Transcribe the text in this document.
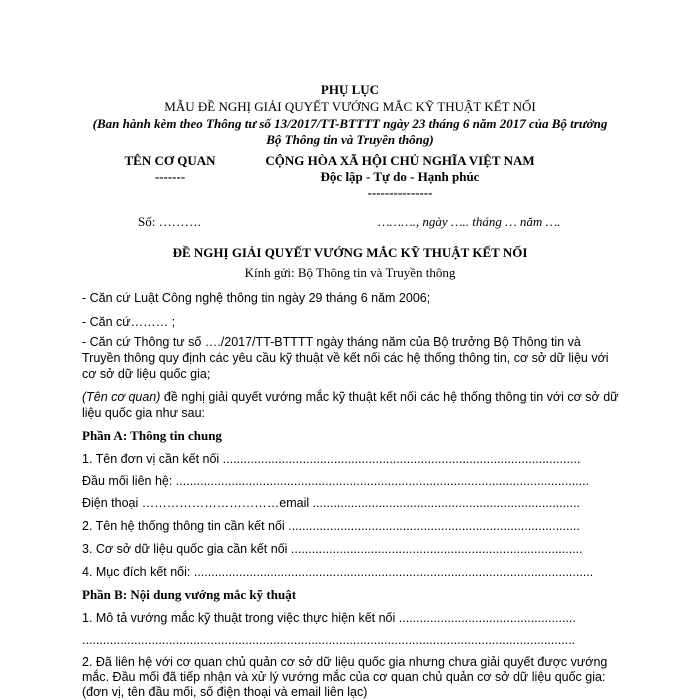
PHỤ LỤC
MẪU ĐỀ NGHỊ GIẢI QUYẾT VƯỚNG MẮC KỸ THUẬT KẾT NỐI
(Ban hành kèm theo Thông tư số 13/2017/TT-BTTTT ngày 23 tháng 6 năm 2017 của Bộ trưởng
Bộ Thông tin và Truyền thông)
TÊN CƠ QUAN
-------
CỘNG HÒA XÃ HỘI CHỦ NGHĨA VIỆT NAM
Độc lập - Tự do - Hạnh phúc
---------------
Số: ……….	………., ngày ….. tháng … năm ….
ĐỀ NGHỊ GIẢI QUYẾT VƯỚNG MẮC KỸ THUẬT KẾT NỐI
Kính gửi: Bộ Thông tin và Truyền thông
- Căn cứ Luật Công nghệ thông tin ngày 29 tháng 6 năm 2006;
- Căn cứ……… ;
- Căn cứ Thông tư số …./2017/TT-BTTTT ngày tháng năm của Bộ trưởng Bộ Thông tin và
Truyền thông quy định các yêu cầu kỹ thuật về kết nối các hệ thống thông tin, cơ sở dữ liệu với
cơ sở dữ liệu quốc gia;
(Tên cơ quan) đề nghị giải quyết vướng mắc kỹ thuật kết nối các hệ thống thông tin với cơ sở dữ
liệu quốc gia như sau:
Phần A: Thông tin chung
1. Tên đơn vị cần kết nối .......................................................................................................
Đầu mối liên hệ: .......................................................................................................................
Điện thoại ……………………………email .............................................................................
2. Tên hệ thống thông tin cần kết nối ....................................................................................
3. Cơ sở dữ liệu quốc gia cần kết nối ....................................................................................
4. Mục đích kết nối: ...................................................................................................................
Phần B: Nội dung vướng mắc kỹ thuật
1. Mô tả vướng mắc kỹ thuật trong việc thực hiện kết nối ...................................................
..............................................................................................................................................
2. Đã liên hệ với cơ quan chủ quản cơ sở dữ liệu quốc gia nhưng chưa giải quyết được vướng
mắc. Đầu mối đã tiếp nhận và xử lý vướng mắc của cơ quan chủ quản cơ sở dữ liệu quốc gia:
(đơn vị, tên đầu mối, số điện thoại và email liên lạc)
